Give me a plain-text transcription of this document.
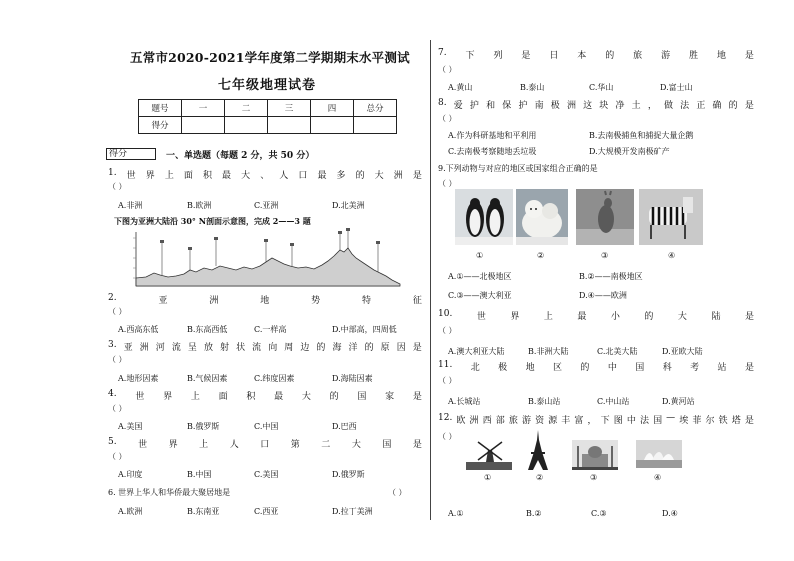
五常市2020-2021学年度第二学期期末水平测试
七年级地理试卷
题号	一	二	三	四	总分
得分					
得分	一、单选题（每题 2 分，共 50 分）
1. 世 界 上 面 积 最 大 、 人 口 最 多 的 大 洲 是
（ ）
A.非洲	B.欧洲	C.亚洲	D.北美洲
下图为亚洲大陆沿 30° N剖面示意图，完成 2——3 题
2.	亚	洲	地	势	特	征
（ ）
A.西高东低	B.东高西低	C.一样高	D.中部高，四周低
3. 亚 洲 河 流 呈 放 射 状 流 向 周 边 的 海 洋 的 原 因 是
（ ）
A.地形因素	B.气候因素	C.纬度因素	D.海陆因素
4. 世 界 上 面 积 最 大 的 国 家 是
（ ）
A.美国	B.俄罗斯	C.中国	D.巴西
5. 世 界 上 人 口 第 二 大 国 是
（ ）
A.印度	B.中国	C.美国	D.俄罗斯
6. 世界上华人和华侨最大聚居地是	（ ）
A.欧洲	B.东南亚	C.西亚	D.拉丁美洲
7. 下 列 是 日 本 的 旅 游 胜 地 是
（ ）
A.黄山	B.泰山	C.华山	D.富士山
8. 爱 护 和 保 护 南 极 洲 这 块 净 土 ， 做 法 正 确 的 是
（ ）
A.作为科研基地和平利用	B.去南极捕鱼和捕捉大量企鹅
C.去南极考察随地丢垃圾	D.大规模开发南极矿产
9.下列动物与对应的地区或国家组合正确的是
（ ）
①	②	③	④
A.①——北极地区	B.②——南极地区
C.③——澳大利亚	D.④——欧洲
10.	世	界	上	最	小	的	大	陆	是
（ ）
A.澳大利亚大陆	B.非洲大陆	C.北美大陆	D.亚欧大陆
11. 北 极 地 区 的 中 国 科 考 站 是
（ ）
A.长城站	B.泰山站	C.中山站	D.黄河站
12. 欧 洲 西 部 旅 游 资 源 丰 富 ， 下 图 中 法 国 — 埃 菲 尔 铁 塔 是
（ ）
①	②	③	④
A.①	B.②	C.③	D.④
